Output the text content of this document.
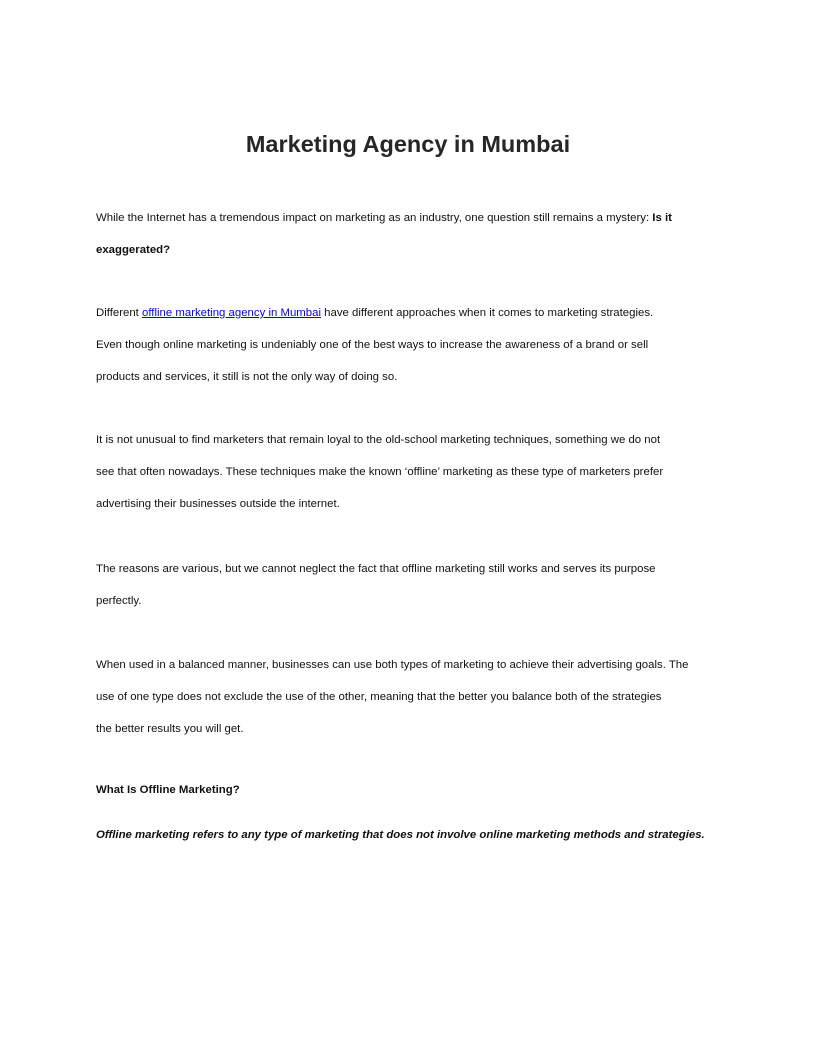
Marketing Agency in Mumbai

While the Internet has a tremendous impact on marketing as an industry, one question still remains a mystery: Is it
exaggerated?

Different offline marketing agency in Mumbai have different approaches when it comes to marketing strategies.
Even though online marketing is undeniably one of the best ways to increase the awareness of a brand or sell
products and services, it still is not the only way of doing so.

It is not unusual to find marketers that remain loyal to the old-school marketing techniques, something we do not
see that often nowadays. These techniques make the known ‘offline’ marketing as these type of marketers prefer
advertising their businesses outside the internet.

The reasons are various, but we cannot neglect the fact that offline marketing still works and serves its purpose
perfectly.

When used in a balanced manner, businesses can use both types of marketing to achieve their advertising goals. The
use of one type does not exclude the use of the other, meaning that the better you balance both of the strategies
the better results you will get.

What Is Offline Marketing?

Offline marketing refers to any type of marketing that does not involve online marketing methods and strategies.
